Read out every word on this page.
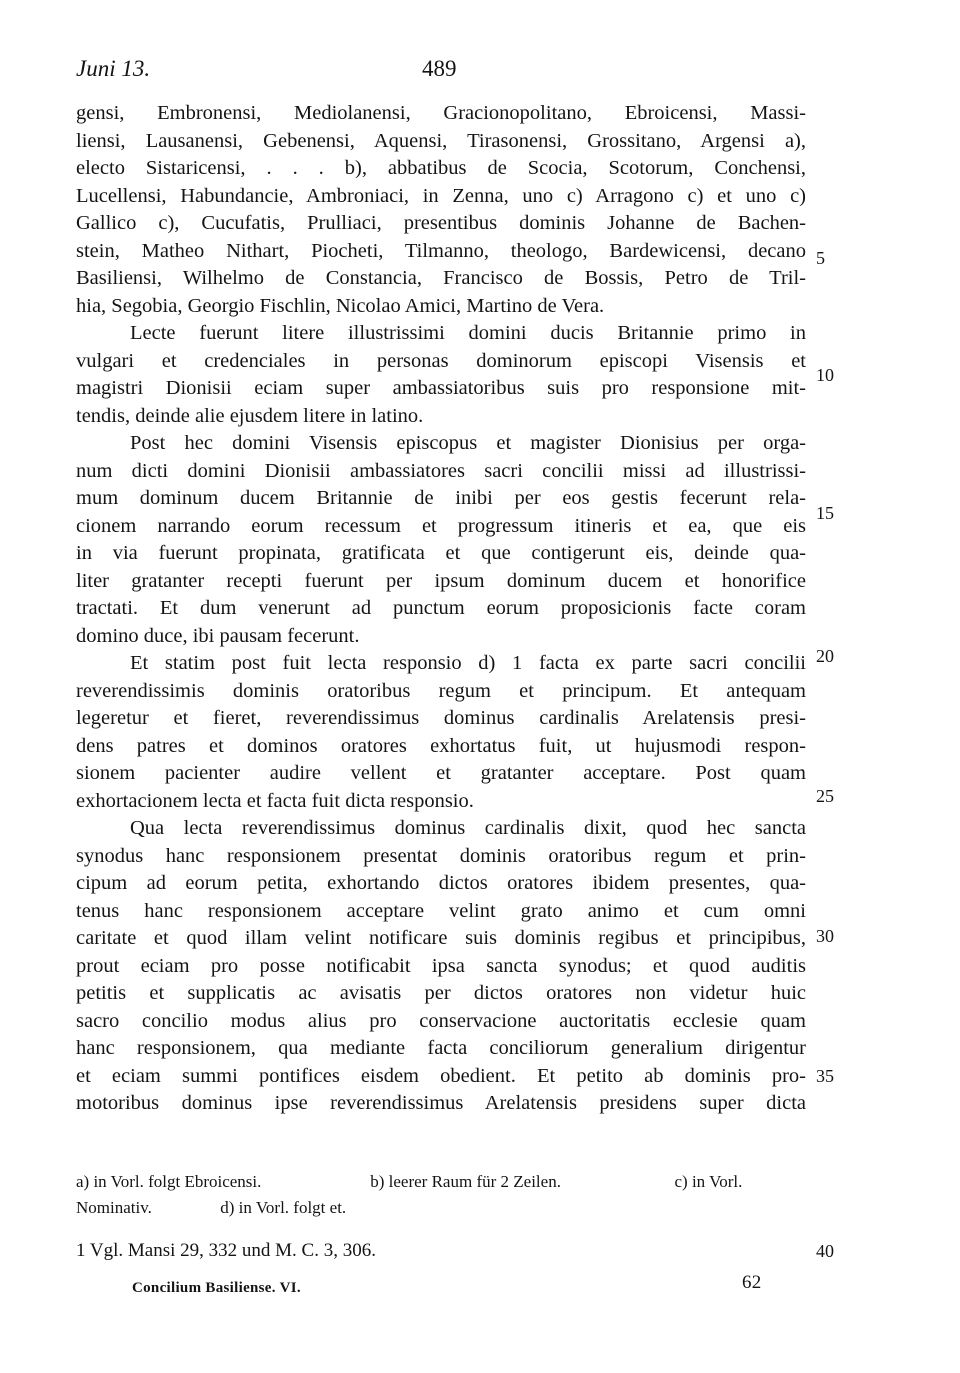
Juni 13.	489
gensi, Embronensi, Mediolanensi, Gracionopolitano, Ebroicensi, Massi-
liensi, Lausanensi, Gebenensi, Aquensi, Tirasonensi, Grossitano, Argensi a),
electo Sistaricensi, . . . b), abbatibus de Scocia, Scotorum, Conchensi,
Lucellensi, Habundancie, Ambroniaci, in Zenna, uno c) Arragono c) et uno c)
Gallico c), Cucufatis, Prulliaci, presentibus dominis Johanne de Bachen-
stein, Matheo Nithart, Piocheti, Tilmanno, theologo, Bardewicensi, decano
Basiliensi, Wilhelmo de Constancia, Francisco de Bossis, Petro de Tril-
hia, Segobia, Georgio Fischlin, Nicolao Amici, Martino de Vera.
Lecte fuerunt litere illustrissimi domini ducis Britannie primo in
vulgari et credenciales in personas dominorum episcopi Visensis et
magistri Dionisii eciam super ambassiatoribus suis pro responsione mit-
tendis, deinde alie ejusdem litere in latino.
Post hec domini Visensis episcopus et magister Dionisius per orga-
num dicti domini Dionisii ambassiatores sacri concilii missi ad illustrissi-
mum dominum ducem Britannie de inibi per eos gestis fecerunt rela-
cionem narrando eorum recessum et progressum itineris et ea, que eis
in via fuerunt propinata, gratificata et que contigerunt eis, deinde qua-
liter gratanter recepti fuerunt per ipsum dominum ducem et honorifice
tractati. Et dum venerunt ad punctum eorum proposicionis facte coram
domino duce, ibi pausam fecerunt.
Et statim post fuit lecta responsio d) 1 facta ex parte sacri concilii
reverendissimis dominis oratoribus regum et principum. Et antequam
legeretur et fieret, reverendissimus dominus cardinalis Arelatensis presi-
dens patres et dominos oratores exhortatus fuit, ut hujusmodi respon-
sionem pacienter audire vellent et gratanter acceptare. Post quam
exhortacionem lecta et facta fuit dicta responsio.
Qua lecta reverendissimus dominus cardinalis dixit, quod hec sancta
synodus hanc responsionem presentat dominis oratoribus regum et prin-
cipum ad eorum petita, exhortando dictos oratores ibidem presentes, qua-
tenus hanc responsionem acceptare velint grato animo et cum omni
caritate et quod illam velint notificare suis dominis regibus et principibus,
prout eciam pro posse notificabit ipsa sancta synodus; et quod auditis
petitis et supplicatis ac avisatis per dictos oratores non videtur huic
sacro concilio modus alius pro conservacione auctoritatis ecclesie quam
hanc responsionem, qua mediante facta conciliorum generalium dirigentur
et eciam summi pontifices eisdem obedient. Et petito ab dominis pro-
motoribus dominus ipse reverendissimus Arelatensis presidens super dicta
5
10
15
20
25
30
35
a) in Vorl. folgt Ebroicensi.	b) leerer Raum für 2 Zeilen.	c) in Vorl.
Nominativ.	d) in Vorl. folgt et.
1 Vgl. Mansi 29, 332 und M. C. 3, 306.	40
Concilium Basiliense. VI.	62
